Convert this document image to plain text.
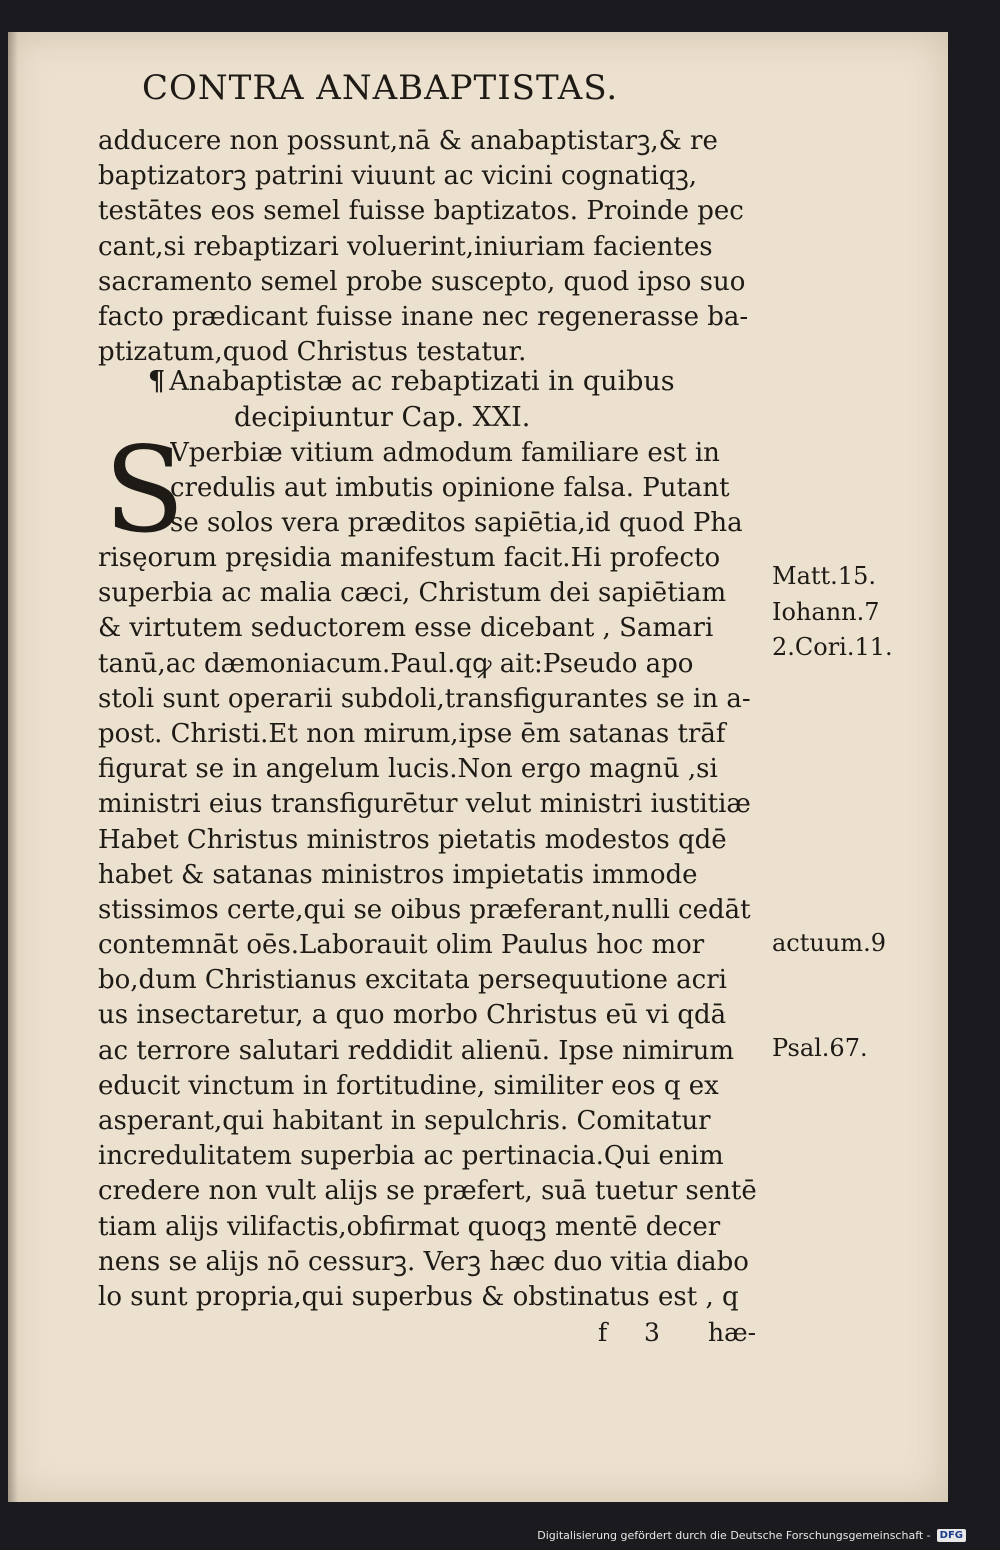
CONTRA ANABAPTISTAS.
adducere non possunt,nā & anabaptistarꝫ,& re
baptizatorꝫ patrini viuunt ac vicini cognatiqꝫ,
testātes eos semel fuisse baptizatos. Proinde pec
cant,si rebaptizari voluerint,iniuriam facientes
sacramento semel probe suscepto, quod ipso suo
facto prædicant fuisse inane nec regenerasse ba-
ptizatum,quod Christus testatur.
¶ Anabaptistæ ac rebaptizati in quibus
decipiuntur Cap. XXI.
S
Vperbiæ vitium admodum familiare est in
credulis aut imbutis opinione falsa. Putant
se solos vera præditos sapiētia,id quod Pha
risęorum pręsidia manifestum facit.Hi profecto
superbia ac malia cæci, Christum dei sapiētiam
& virtutem seductorem esse dicebant , Samari
tanū,ac dæmoniacum.Paul.qꝙ ait:Pseudo apo
stoli sunt operarii subdoli,transfigurantes se in a-
post. Christi.Et non mirum,ipse ēm satanas trāf
figurat se in angelum lucis.Non ergo magnū ,si
ministri eius transfigurētur velut ministri iustitiæ
Habet Christus ministros pietatis modestos qdē
habet & satanas ministros impietatis immode
stissimos certe,qui se oibus præferant,nulli cedāt
contemnāt oēs.Laborauit olim Paulus hoc mor
bo,dum Christianus excitata persequutione acri
us insectaretur, a quo morbo Christus eū vi qdā
ac terrore salutari reddidit alienū. Ipse nimirum
educit vinctum in fortitudine, similiter eos q ex
asperant,qui habitant in sepulchris. Comitatur
incredulitatem superbia ac pertinacia.Qui enim
credere non vult alijs se præfert, suā tuetur sentē
tiam alijs vilifactis,obfirmat quoqꝫ mentē decer
nens se alijs nō cessurꝫ. Verꝫ hæc duo vitia diabo
lo sunt propria,qui superbus & obstinatus est , q
Matt.15.
Iohann.7
2.Cori.11.
actuum.9
Psal.67.
f 3 hæ-
Digitalisierung gefördert durch die Deutsche Forschungsgemeinschaft - DFG
